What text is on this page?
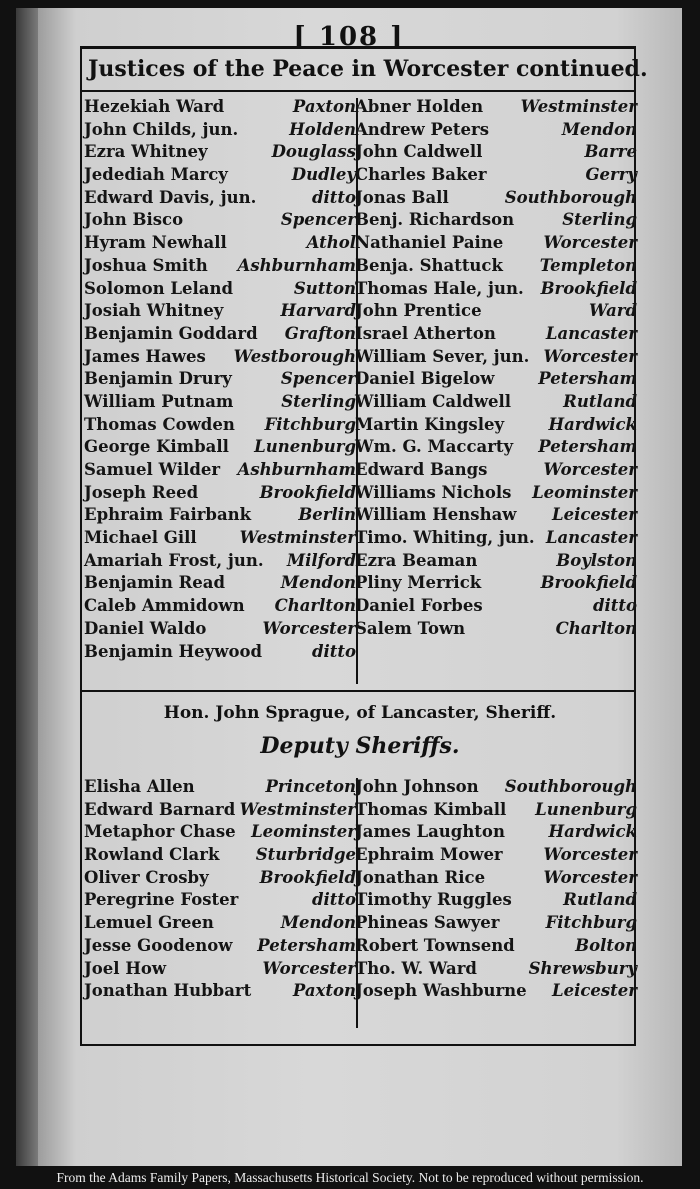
[ 108 ]
Justices of the Peace in Worcester continued.
Hezekiah Ward	Paxton
John Childs, jun.	Holden
Ezra Whitney	Douglass
Jedediah Marcy	Dudley
Edward Davis, jun.	ditto
John Bisco	Spencer
Hyram Newhall	Athol
Joshua Smith Ashburnham
Solomon Leland	Sutton
Josiah Whitney	Harvard
Benjamin Goddard Grafton
James Hawes Westborough
Benjamin Drury	Spencer
William Putnam	Sterling
Thomas Cowden Fitchburg
George Kimball Lunenburg
Samuel Wilder Ashburnham
Joseph Reed	Brookfield
Ephraim Fairbank	Berlin
Michael Gill	Westminster
Amariah Frost, jun. Milford
Benjamin Read	Mendon
Caleb Ammidown Charlton
Daniel Waldo	Worcester
Benjamin Heywood	ditto
Abner Holden Westminster
Andrew Peters	Mendon
John Caldwell	Barre
Charles Baker	Gerry
Jonas Ball	Southborough
Benj. Richardson	Sterling
Nathaniel Paine Worcester
Benja. Shattuck Templeton
Thomas Hale, jun. Brookfield
John Prentice	Ward
Israel Atherton	Lancaster
William Sever, jun. Worcester
Daniel Bigelow	Petersham
William Caldwell	Rutland
Martin Kingsley	Hardwick
Wm. G. Maccarty Petersham
Edward Bangs	Worcester
Williams Nichols Leominster
William Henshaw Leicester
Timo. Whiting, jun. Lancaster
Ezra Beaman	Boylston
Pliny Merrick	Brookfield
Daniel Forbes	ditto
Salem Town	Charlton
Hon. John Sprague, of Lancaster, Sheriff.
Deputy Sheriffs.
Elisha Allen	Princeton
Edward Barnard Westminster
Metaphor Chase Leominster
Rowland Clark Sturbridge
Oliver Crosby	Brookfield
Peregrine Foster	ditto
Lemuel Green	Mendon
Jesse Goodenow Petersham
Joel How	Worcester
Jonathan Hubbart	Paxton
John Johnson Southborough
Thomas Kimball Lunenburg
James Laughton	Hardwick
Ephraim Mower Worcester
Jonathan Rice	Worcester
Timothy Ruggles	Rutland
Phineas Sawyer	Fitchburg
Robert Townsend	Bolton
Tho. W. Ward	Shrewsbury
Joseph Washburne Leicester
From the Adams Family Papers, Massachusetts Historical Society. Not to be reproduced without permission.
